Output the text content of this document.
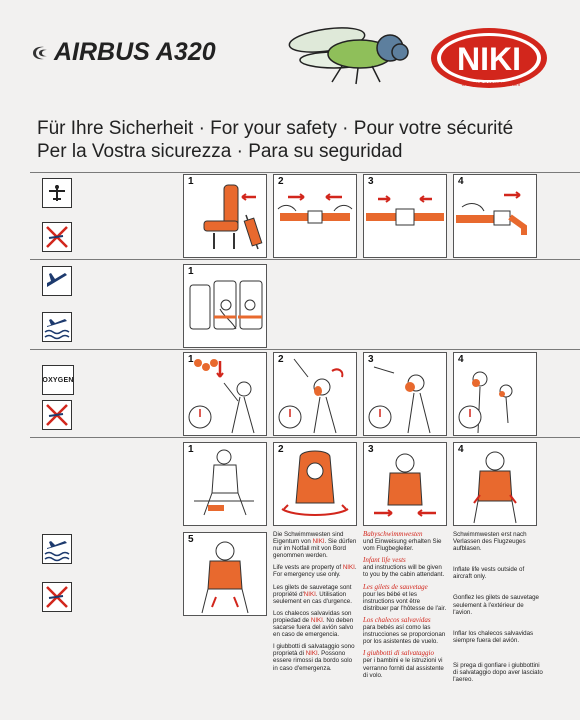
AIRBUS A320	NIKI
DOUBLE SATISFACTION
Für Ihre Sicherheit · For your safety · Pour votre sécurité
Per la Vostra sicurezza · Para su seguridad
1	2	3	4
1
OXYGEN
1	2	3	4
1	2	3	4
5	Die Schwimmwesten sind Eigentum von NIKI. Sie dürfen nur im Notfall mit von Bord genommen werden.
Life vests are property of NIKI. For emergency use only.
Les gilets de sauvetage sont propriété d'NIKI. Utilisation seulement en cas d'urgence.
Los chalecos salvavidas son propiedad de NIKI. No deben sacarse fuera del avión salvo en caso de emergencia.
I giubbotti di salvataggio sono proprietà di NIKI. Possono essere rimossi da bordo solo in caso d'emergenza.
Babyschwimmwesten
und Einweisung erhalten Sie vom Flugbegleiter.
Infant life vests
and instructions will be given to you by the cabin attendant.
Les gilets de sauvetage
pour les bébé et les instructions vont être distribuer par l'hôtesse de l'air.
Los chalecos salvavidas
para bebés así como las instrucciones se proporcionan por los asistentes de vuelo.
I giubbotti di salvataggio
per i bambini e le istruzioni vi verranno forniti dal assistente di volo.
Schwimmwesten erst nach Verlassen des Flugzeuges aufblasen.
Inflate life vests outside of aircraft only.
Gonflez les gilets de sauvetage seulement à l'extérieur de l'avion.
Inflar los chalecos salvavidas siempre fuera del avión.
Si prega di gonfiare i giubbottini di salvataggio dopo aver lasciato l'aereo.
